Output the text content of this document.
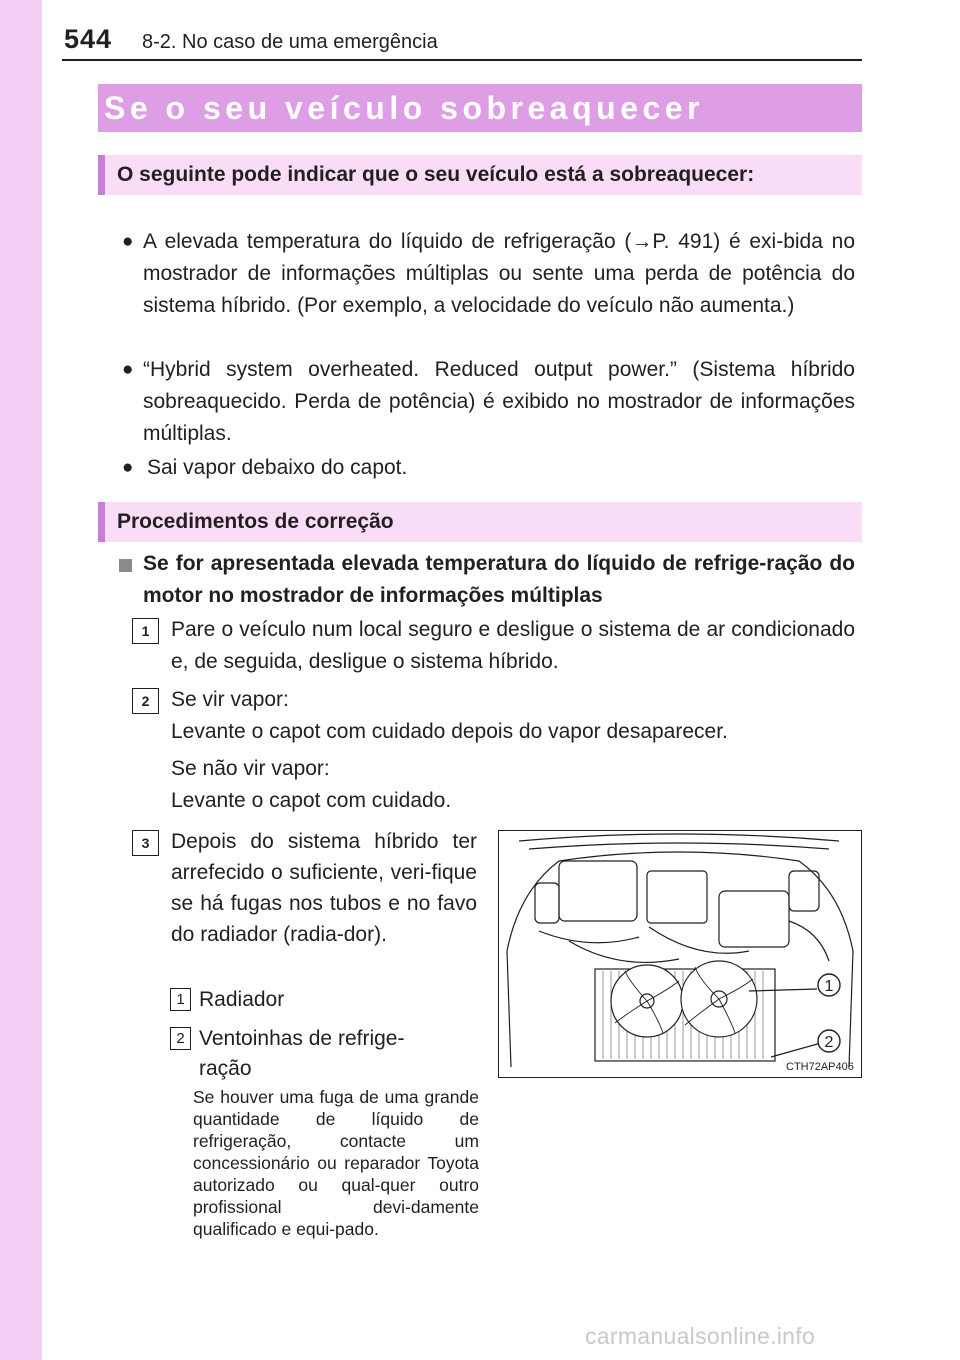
544 8-2. No caso de uma emergência
Se o seu veículo sobreaquecer
O seguinte pode indicar que o seu veículo está a sobreaquecer:
● A elevada temperatura do líquido de refrigeração (→P. 491) é exi-bida no mostrador de informações múltiplas ou sente uma perda de potência do sistema híbrido. (Por exemplo, a velocidade do veículo não aumenta.)

● “Hybrid system overheated. Reduced output power.” (Sistema híbrido sobreaquecido. Perda de potência) é exibido no mostrador de informações múltiplas.

● Sai vapor debaixo do capot.

Procedimentos de correção

Se for apresentada elevada temperatura do líquido de refrige-ração do motor no mostrador de informações múltiplas

1	Pare o veículo num local seguro e desligue o sistema de ar condicionado e, de seguida, desligue o sistema híbrido.

2	Se vir vapor:

Levante o capot com cuidado depois do vapor desaparecer.

Se não vir vapor:

Levante o capot com cuidado.

3	Depois do sistema híbrido ter arrefecido o suficiente, veri-fique se há fugas nos tubos e no favo do radiador (radia-dor).

1 Radiador
2 Ventoinhas de refrige-ração

Se houver uma fuga de uma grande quantidade de líquido de refrigeração, contacte um concessionário ou reparador Toyota autorizado ou qual-quer outro profissional devi-damente qualificado e equi-pado.

1
2
CTH72AP406
carmanualsonline.info
